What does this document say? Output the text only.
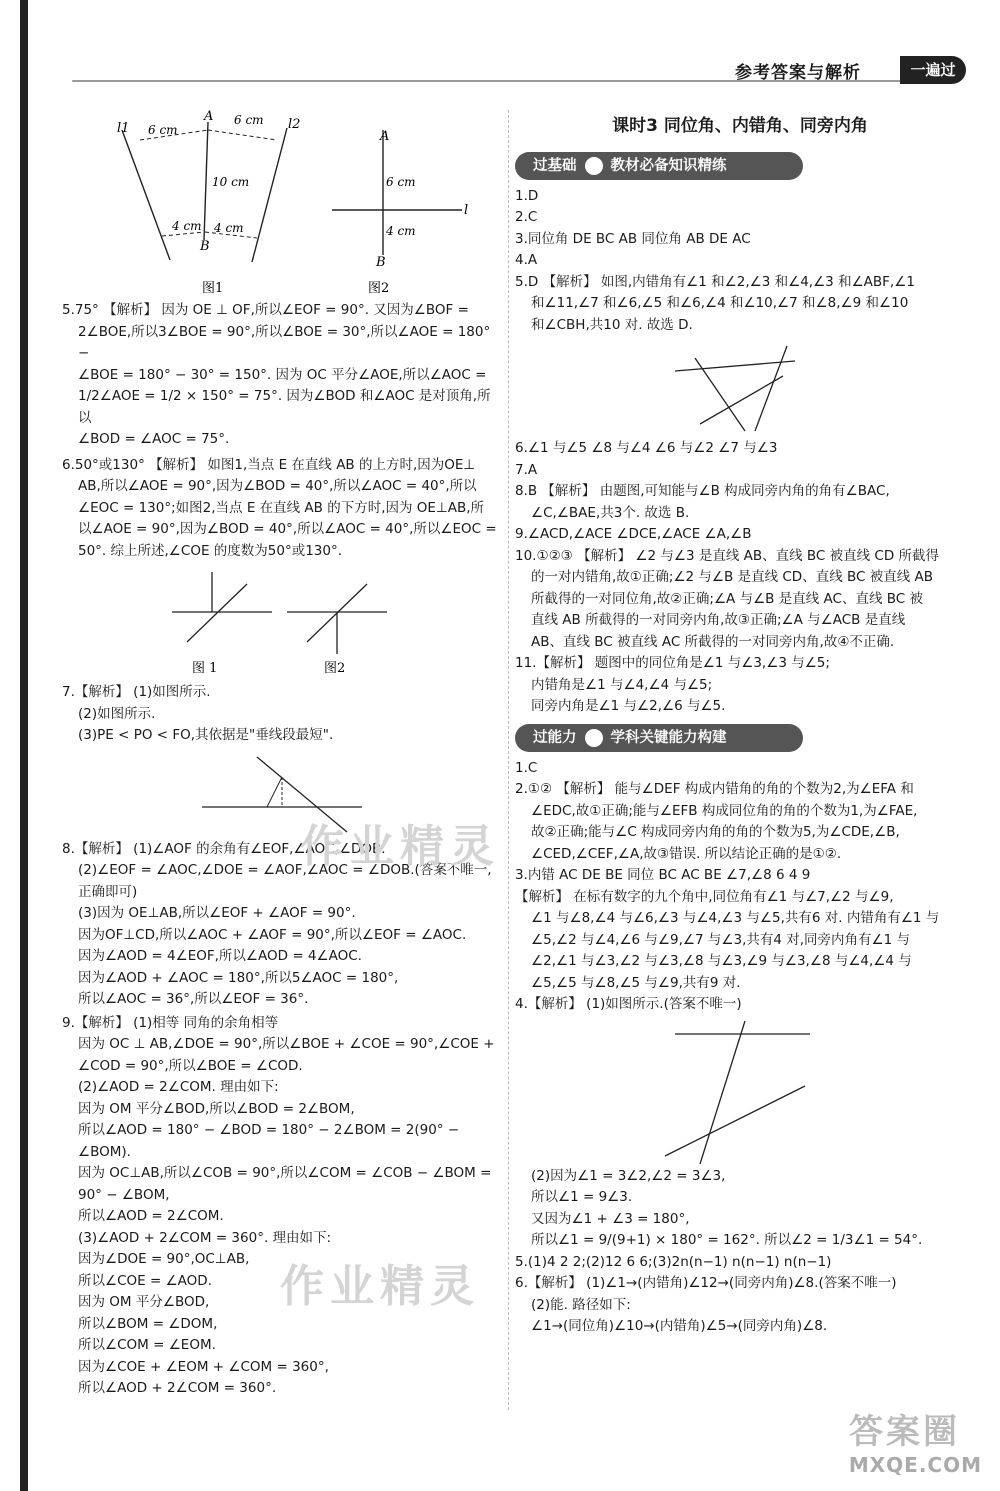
参考答案与解析	一遍过
l1
A
6 cm
6 cm l2
10 cm
4 cm
B
4 cm
图1
A
6 cm
l
4 cm
B
图2
5.75° 【解析】 因为 OE ⊥ OF,所以∠EOF = 90°. 又因为∠BOF =
2∠BOE,所以3∠BOE = 90°,所以∠BOE = 30°,所以∠AOE = 180° −
∠BOE = 180° − 30° = 150°. 因为 OC 平分∠AOE,所以∠AOC =
1/2∠AOE = 1/2 × 150° = 75°. 因为∠BOD 和∠AOC 是对顶角,所以
∠BOD = ∠AOC = 75°.
6.50°或130° 【解析】 如图1,当点 E 在直线 AB 的上方时,因为OE⊥
AB,所以∠AOE = 90°,因为∠BOD = 40°,所以∠AOC = 40°,所以
∠EOC = 130°;如图2,当点 E 在直线 AB 的下方时,因为 OE⊥AB,所
以∠AOE = 90°,因为∠BOD = 40°,所以∠AOC = 40°,所以∠EOC =
50°. 综上所述,∠COE 的度数为50°或130°.
图 1	图2
7.【解析】 (1)如图所示.
(2)如图所示.
(3)PE < PO < FO,其依据是"垂线段最短".
8.【解析】 (1)∠AOF 的余角有∠EOF,∠AOC,∠DOB.
(2)∠EOF = ∠AOC,∠DOE = ∠AOF,∠AOC = ∠DOB.(答案不唯一,
正确即可)
(3)因为 OE⊥AB,所以∠EOF + ∠AOF = 90°.
因为OF⊥CD,所以∠AOC + ∠AOF = 90°,所以∠EOF = ∠AOC.
因为∠AOD = 4∠EOF,所以∠AOD = 4∠AOC.
因为∠AOD + ∠AOC = 180°,所以5∠AOC = 180°,
所以∠AOC = 36°,所以∠EOF = 36°.
9.【解析】 (1)相等 同角的余角相等
因为 OC ⊥ AB,∠DOE = 90°,所以∠BOE + ∠COE = 90°,∠COE +
∠COD = 90°,所以∠BOE = ∠COD.
(2)∠AOD = 2∠COM. 理由如下:
因为 OM 平分∠BOD,所以∠BOD = 2∠BOM,
所以∠AOD = 180° − ∠BOD = 180° − 2∠BOM = 2(90° − ∠BOM).
因为 OC⊥AB,所以∠COB = 90°,所以∠COM = ∠COB − ∠BOM =
90° − ∠BOM,
所以∠AOD = 2∠COM.
(3)∠AOD + 2∠COM = 360°. 理由如下:
因为∠DOE = 90°,OC⊥AB,
所以∠COE = ∠AOD.
因为 OM 平分∠BOD,
所以∠BOM = ∠DOM,
所以∠COM = ∠EOM.
因为∠COE + ∠EOM + ∠COM = 360°,
所以∠AOD + 2∠COM = 360°.
课时3 同位角、内错角、同旁内角
过基础 教材必备知识精练
1.D
2.C
3.同位角 DE BC AB 同位角 AB DE AC
4.A
5.D 【解析】 如图,内错角有∠1 和∠2,∠3 和∠4,∠3 和∠ABF,∠1
和∠11,∠7 和∠6,∠5 和∠6,∠4 和∠10,∠7 和∠8,∠9 和∠10
和∠CBH,共10 对. 故选 D.
6.∠1 与∠5 ∠8 与∠4 ∠6 与∠2 ∠7 与∠3
7.A
8.B 【解析】 由题图,可知能与∠B 构成同旁内角的角有∠BAC,
∠C,∠BAE,共3个. 故选 B.
9.∠ACD,∠ACE ∠DCE,∠ACE ∠A,∠B
10.①②③ 【解析】 ∠2 与∠3 是直线 AB、直线 BC 被直线 CD 所截得
的一对内错角,故①正确;∠2 与∠B 是直线 CD、直线 BC 被直线 AB
所截得的一对同位角,故②正确;∠A 与∠B 是直线 AC、直线 BC 被
直线 AB 所截得的一对同旁内角,故③正确;∠A 与∠ACB 是直线
AB、直线 BC 被直线 AC 所截得的一对同旁内角,故④不正确.
11.【解析】 题图中的同位角是∠1 与∠3,∠3 与∠5;
内错角是∠1 与∠4,∠4 与∠5;
同旁内角是∠1 与∠2,∠6 与∠5.
过能力 学科关键能力构建
1.C
2.①② 【解析】 能与∠DEF 构成内错角的角的个数为2,为∠EFA 和
∠EDC,故①正确;能与∠EFB 构成同位角的角的个数为1,为∠FAE,
故②正确;能与∠C 构成同旁内角的角的个数为5,为∠CDE,∠B,
∠CED,∠CEF,∠A,故③错误. 所以结论正确的是①②.
3.内错 AC DE BE 同位 BC AC BE ∠7,∠8 6 4 9
【解析】 在标有数字的九个角中,同位角有∠1 与∠7,∠2 与∠9,
∠1 与∠8,∠4 与∠6,∠3 与∠4,∠3 与∠5,共有6 对. 内错角有∠1 与
∠5,∠2 与∠4,∠6 与∠9,∠7 与∠3,共有4 对,同旁内角有∠1 与
∠2,∠1 与∠3,∠2 与∠3,∠8 与∠3,∠9 与∠3,∠8 与∠4,∠4 与
∠5,∠5 与∠8,∠5 与∠9,共有9 对.
4.【解析】 (1)如图所示.(答案不唯一)
(2)因为∠1 = 3∠2,∠2 = 3∠3,
所以∠1 = 9∠3.
又因为∠1 + ∠3 = 180°,
所以∠1 = 9/(9+1) × 180° = 162°. 所以∠2 = 1/3∠1 = 54°.
5.(1)4 2 2;(2)12 6 6;(3)2n(n−1) n(n−1) n(n−1)
6.【解析】 (1)∠1→(内错角)∠12→(同旁内角)∠8.(答案不唯一)
(2)能. 路径如下:
∠1→(同位角)∠10→(内错角)∠5→(同旁内角)∠8.
作业精灵
作业精灵
答案圈
MXQE.COM
